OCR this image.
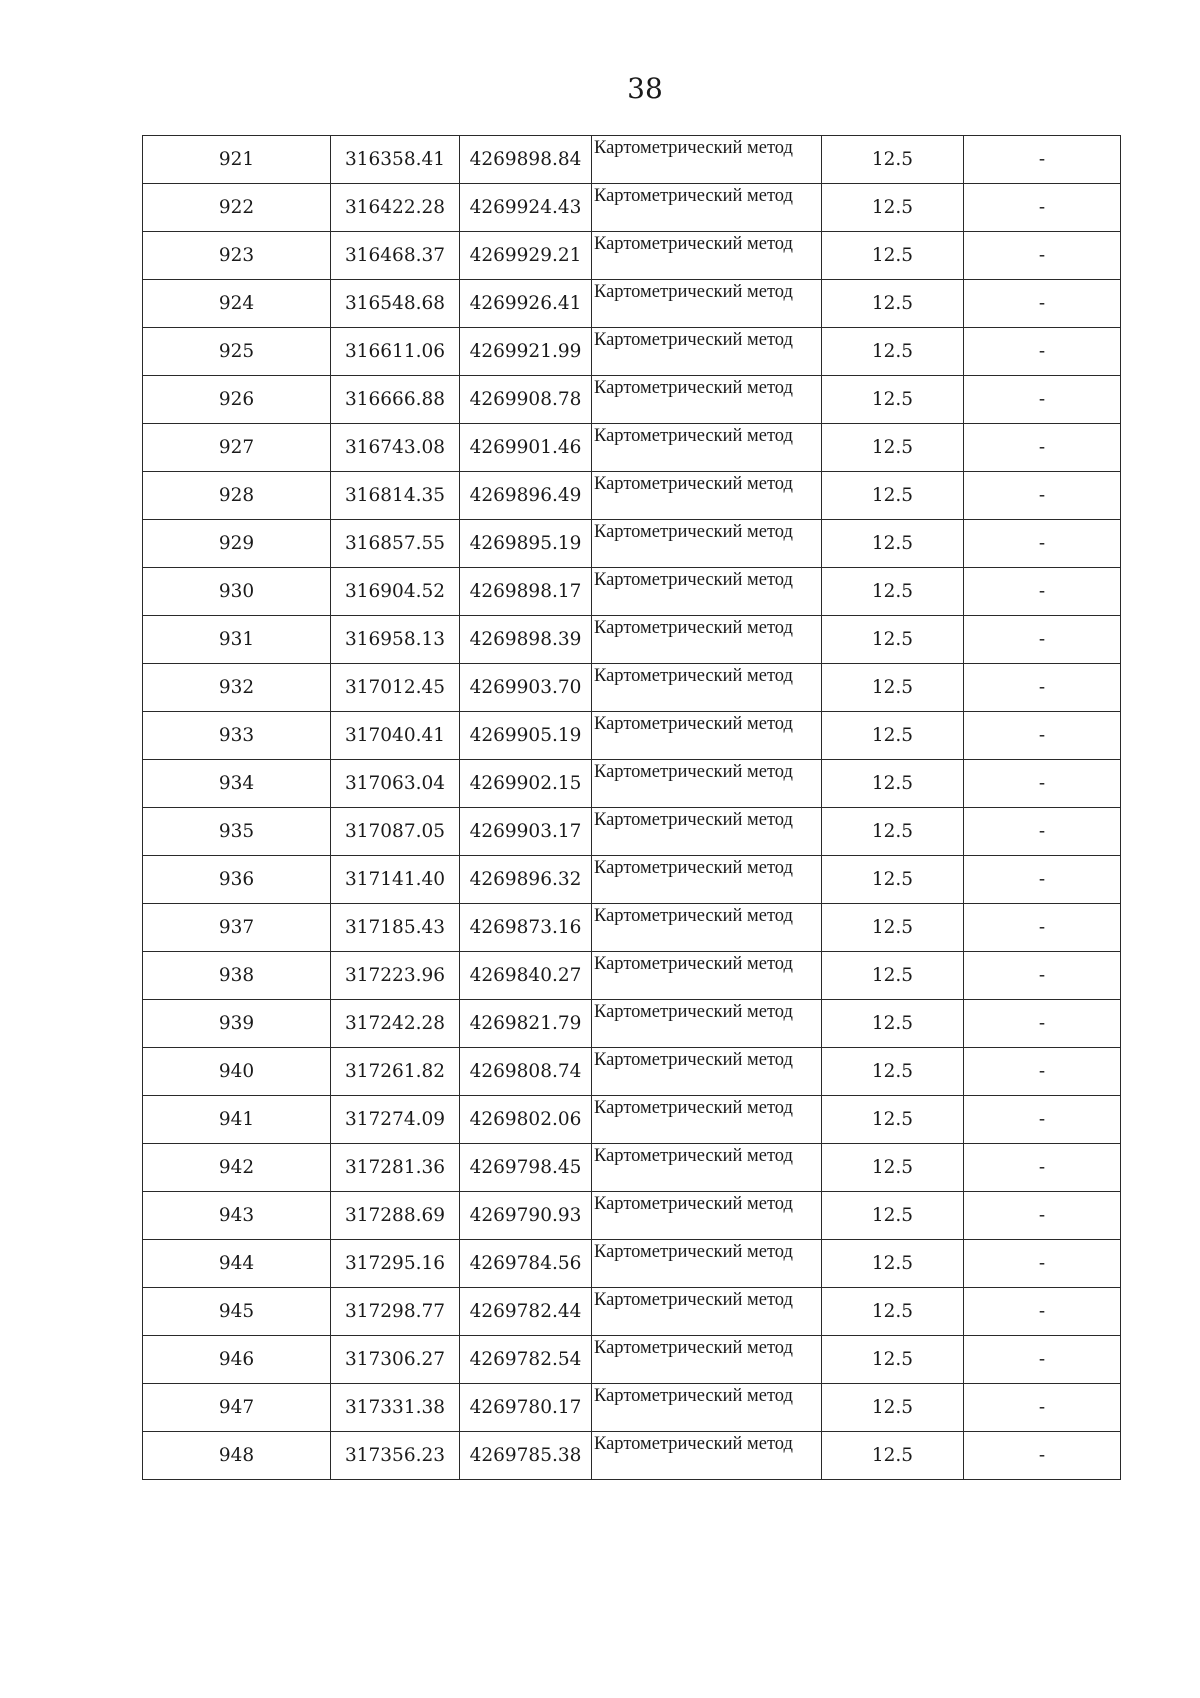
38
921	316358.41	4269898.84	Картометрический метод	12.5	-
922	316422.28	4269924.43	Картометрический метод	12.5	-
923	316468.37	4269929.21	Картометрический метод	12.5	-
924	316548.68	4269926.41	Картометрический метод	12.5	-
925	316611.06	4269921.99	Картометрический метод	12.5	-
926	316666.88	4269908.78	Картометрический метод	12.5	-
927	316743.08	4269901.46	Картометрический метод	12.5	-
928	316814.35	4269896.49	Картометрический метод	12.5	-
929	316857.55	4269895.19	Картометрический метод	12.5	-
930	316904.52	4269898.17	Картометрический метод	12.5	-
931	316958.13	4269898.39	Картометрический метод	12.5	-
932	317012.45	4269903.70	Картометрический метод	12.5	-
933	317040.41	4269905.19	Картометрический метод	12.5	-
934	317063.04	4269902.15	Картометрический метод	12.5	-
935	317087.05	4269903.17	Картометрический метод	12.5	-
936	317141.40	4269896.32	Картометрический метод	12.5	-
937	317185.43	4269873.16	Картометрический метод	12.5	-
938	317223.96	4269840.27	Картометрический метод	12.5	-
939	317242.28	4269821.79	Картометрический метод	12.5	-
940	317261.82	4269808.74	Картометрический метод	12.5	-
941	317274.09	4269802.06	Картометрический метод	12.5	-
942	317281.36	4269798.45	Картометрический метод	12.5	-
943	317288.69	4269790.93	Картометрический метод	12.5	-
944	317295.16	4269784.56	Картометрический метод	12.5	-
945	317298.77	4269782.44	Картометрический метод	12.5	-
946	317306.27	4269782.54	Картометрический метод	12.5	-
947	317331.38	4269780.17	Картометрический метод	12.5	-
948	317356.23	4269785.38	Картометрический метод	12.5	-
